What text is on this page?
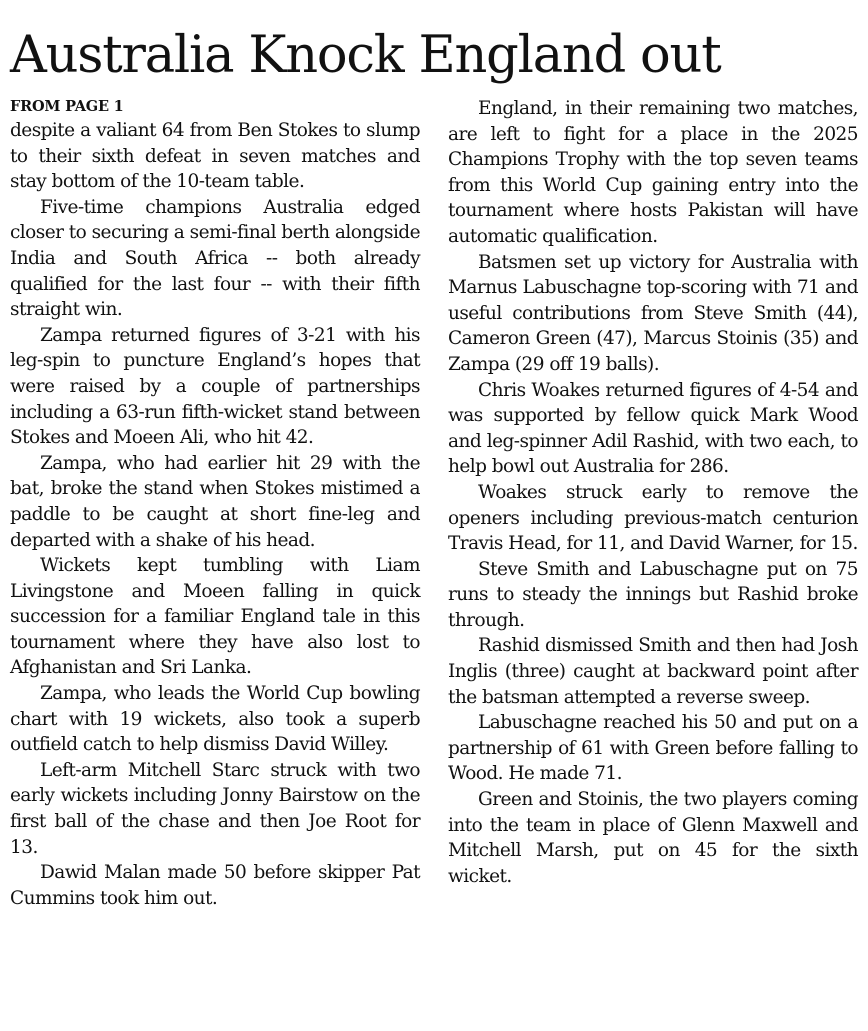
Australia Knock England out
FROM PAGE 1

despite a valiant 64 from Ben Stokes to slump to their sixth defeat in seven matches and stay bottom of the 10-team table.

Five-time champions Australia edged closer to securing a semi-final berth alongside India and South Africa -- both already qualified for the last four -- with their fifth straight win.

Zampa returned figures of 3-21 with his leg-spin to puncture England’s hopes that were raised by a couple of partnerships including a 63-run fifth-wicket stand between Stokes and Moeen Ali, who hit 42.

Zampa, who had earlier hit 29 with the bat, broke the stand when Stokes mistimed a paddle to be caught at short fine-leg and departed with a shake of his head.

Wickets kept tumbling with Liam Livingstone and Moeen falling in quick succession for a familiar England tale in this tournament where they have also lost to Afghanistan and Sri Lanka.

Zampa, who leads the World Cup bowling chart with 19 wickets, also took a superb outfield catch to help dismiss David Willey.

Left-arm Mitchell Starc struck with two early wickets including Jonny Bairstow on the first ball of the chase and then Joe Root for 13.

Dawid Malan made 50 before skipper Pat Cummins took him out.

England, in their remaining two matches, are left to fight for a place in the 2025 Champions Trophy with the top seven teams from this World Cup gaining entry into the tournament where hosts Pakistan will have automatic qualification.

Batsmen set up victory for Australia with Marnus Labuschagne top-scoring with 71 and useful contributions from Steve Smith (44), Cameron Green (47), Marcus Stoinis (35) and Zampa (29 off 19 balls).

Chris Woakes returned figures of 4-54 and was supported by fellow quick Mark Wood and leg-spinner Adil Rashid, with two each, to help bowl out Australia for 286.

Woakes struck early to remove the openers including previous-match centurion Travis Head, for 11, and David Warner, for 15.

Steve Smith and Labuschagne put on 75 runs to steady the innings but Rashid broke through.

Rashid dismissed Smith and then had Josh Inglis (three) caught at backward point after the batsman attempted a reverse sweep.

Labuschagne reached his 50 and put on a partnership of 61 with Green before falling to Wood. He made 71.

Green and Stoinis, the two players coming into the team in place of Glenn Maxwell and Mitchell Marsh, put on 45 for the sixth wicket.
